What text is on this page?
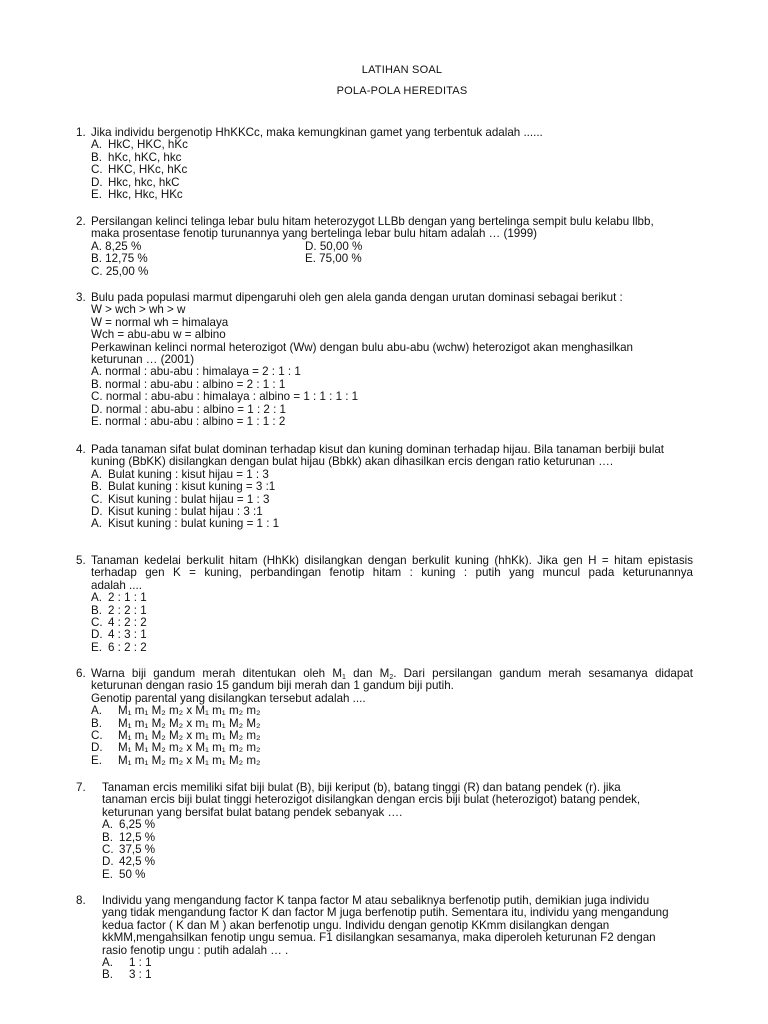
LATIHAN SOAL
POLA-POLA HEREDITAS
1. Jika individu bergenotip HhKKCc, maka kemungkinan gamet yang terbentuk adalah ......
A. HkC, HKC, hKc
B. hKc, hKC, hkc
C. HKC, HKc, hKc
D. Hkc, hkc, hkC
E. Hkc, Hkc, HKc
2. Persilangan kelinci telinga lebar bulu hitam heterozygot LLBb dengan yang bertelinga sempit bulu kelabu llbb,
maka prosentase fenotip turunannya yang bertelinga lebar bulu hitam adalah … (1999)
A. 8,25 %	D. 50,00 %
B. 12,75 %	E. 75,00 %
C. 25,00 %
3. Bulu pada populasi marmut dipengaruhi oleh gen alela ganda dengan urutan dominasi sebagai berikut :
W > wch > wh > w
W = normal wh = himalaya
Wch = abu-abu w = albino
Perkawinan kelinci normal heterozigot (Ww) dengan bulu abu-abu (wchw) heterozigot akan menghasilkan
keturunan … (2001)
A. normal : abu-abu : himalaya = 2 : 1 : 1
B. normal : abu-abu : albino = 2 : 1 : 1
C. normal : abu-abu : himalaya : albino = 1 : 1 : 1 : 1
D. normal : abu-abu : albino = 1 : 2 : 1
E. normal : abu-abu : albino = 1 : 1 : 2
4. Pada tanaman sifat bulat dominan terhadap kisut dan kuning dominan terhadap hijau. Bila tanaman berbiji bulat
kuning (BbKK) disilangkan dengan bulat hijau (Bbkk) akan dihasilkan ercis dengan ratio keturunan ….
A. Bulat kuning : kisut hijau = 1 : 3
B. Bulat kuning : kisut kuning = 3 :1
C. Kisut kuning : bulat hijau = 1 : 3
D. Kisut kuning : bulat hijau : 3 :1
A. Kisut kuning : bulat kuning = 1 : 1
5. Tanaman kedelai berkulit hitam (HhKk) disilangkan dengan berkulit kuning (hhKk). Jika gen H = hitam epistasis
terhadap gen K = kuning, perbandingan fenotip hitam : kuning : putih yang muncul pada keturunannya
adalah ....
A. 2 : 1 : 1
B. 2 : 2 : 1
C. 4 : 2 : 2
D. 4 : 3 : 1
E. 6 : 2 : 2
6. Warna biji gandum merah ditentukan oleh $M_1$ dan $M_2$. Dari persilangan gandum merah sesamanya didapat
keturunan dengan rasio 15 gandum biji merah dan 1 gandum biji putih.
Genotip parental yang disilangkan tersebut adalah ....
A. M₁ m₁ M₂ m₂ x M₁ m₁ m₂ m₂
B. M₁ m₁ M₂ M₂ x m₁ m₁ M₂ M₂
C. M₁ m₁ M₂ M₂ x m₁ m₁ M₂ m₂
D. M₁ M₁ M₂ m₂ x M₁ m₁ m₂ m₂
E. M₁ m₁ M₂ m₂ x M₁ m₁ M₂ m₂
7. Tanaman ercis memiliki sifat biji bulat (B), biji keriput (b), batang tinggi (R) dan batang pendek (r). jika
tanaman ercis biji bulat tinggi heterozigot disilangkan dengan ercis biji bulat (heterozigot) batang pendek,
keturunan yang bersifat bulat batang pendek sebanyak ….
A. 6,25 %
B. 12,5 %
C. 37,5 %
D. 42,5 %
E. 50 %
8. Individu yang mengandung factor K tanpa factor M atau sebaliknya berfenotip putih, demikian juga individu
yang tidak mengandung factor K dan factor M juga berfenotip putih. Sementara itu, individu yang mengandung
kedua factor ( K dan M ) akan berfenotip ungu. Individu dengan genotip KKmm disilangkan dengan
kkMM,mengahsilkan fenotip ungu semua. F1 disilangkan sesamanya, maka diperoleh keturunan F2 dengan
rasio fenotip ungu : putih adalah … .
A. 1 : 1
B. 3 : 1
